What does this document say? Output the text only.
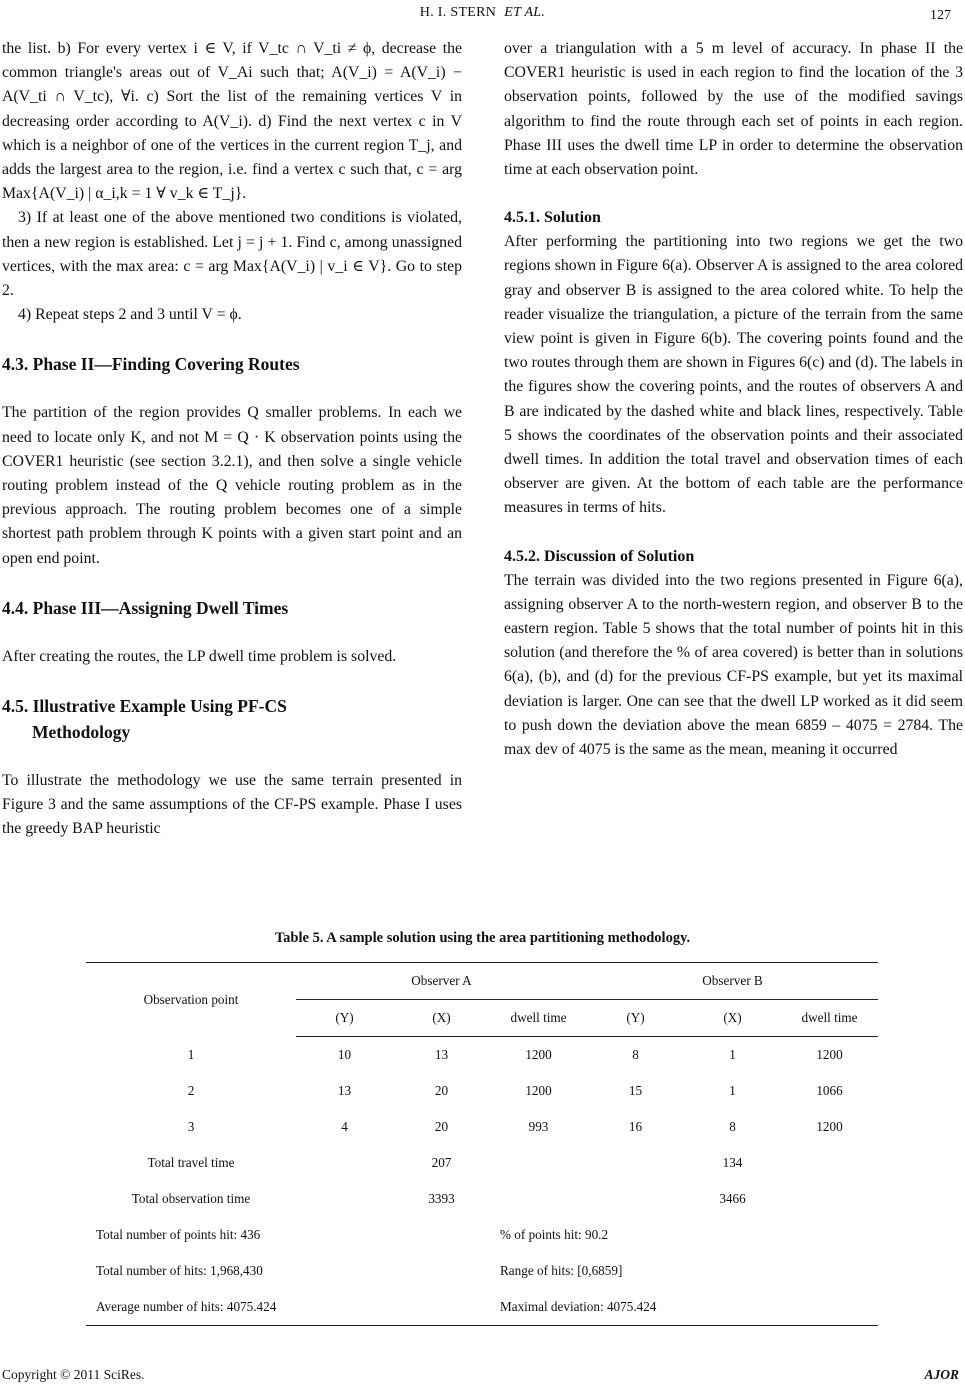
H. I. STERN ET AL.	127

the list. b) For every vertex i ∈ V, if V_tc ∩ V_ti ≠ ϕ, decrease the common triangle's areas out of V_Ai such that; A(V_i) = A(V_i) − A(V_ti ∩ V_tc), ∀i. c) Sort the list of the remaining vertices V in decreasing order according to A(V_i). d) Find the next vertex c in V which is a neighbor of one of the vertices in the current region T_j, and adds the largest area to the region, i.e. find a vertex c such that, c = arg Max{A(V_i) | α_i,k = 1 ∀ v_k ∈ T_j}.

3) If at least one of the above mentioned two conditions is violated, then a new region is established. Let j = j + 1. Find c, among unassigned vertices, with the max area: c = arg Max{A(V_i) | v_i ∈ V}. Go to step 2.

4) Repeat steps 2 and 3 until V = ϕ.

4.3. Phase II—Finding Covering Routes

The partition of the region provides Q smaller problems. In each we need to locate only K, and not M = Q · K observation points using the COVER1 heuristic (see section 3.2.1), and then solve a single vehicle routing problem instead of the Q vehicle routing problem as in the previous approach. The routing problem becomes one of a simple shortest path problem through K points with a given start point and an open end point.

4.4. Phase III—Assigning Dwell Times

After creating the routes, the LP dwell time problem is solved.

4.5. Illustrative Example Using PF-CS

Methodology

To illustrate the methodology we use the same terrain presented in Figure 3 and the same assumptions of the CF-PS example. Phase I uses the greedy BAP heuristic

over a triangulation with a 5 m level of accuracy. In phase II the COVER1 heuristic is used in each region to find the location of the 3 observation points, followed by the use of the modified savings algorithm to find the route through each set of points in each region. Phase III uses the dwell time LP in order to determine the observation time at each observation point.

4.5.1. Solution

After performing the partitioning into two regions we get the two regions shown in Figure 6(a). Observer A is assigned to the area colored gray and observer B is assigned to the area colored white. To help the reader visualize the triangulation, a picture of the terrain from the same view point is given in Figure 6(b). The covering points found and the two routes through them are shown in Figures 6(c) and (d). The labels in the figures show the covering points, and the routes of observers A and B are indicated by the dashed white and black lines, respectively. Table 5 shows the coordinates of the observation points and their associated dwell times. In addition the total travel and observation times of each observer are given. At the bottom of each table are the performance measures in terms of hits.

4.5.2. Discussion of Solution

The terrain was divided into the two regions presented in Figure 6(a), assigning observer A to the north-western region, and observer B to the eastern region. Table 5 shows that the total number of points hit in this solution (and therefore the % of area covered) is better than in solutions 6(a), (b), and (d) for the previous CF-PS example, but yet its maximal deviation is larger. One can see that the dwell LP worked as it did seem to push down the deviation above the mean 6859 – 4075 = 2784. The max dev of 4075 is the same as the mean, meaning it occurred

Table 5. A sample solution using the area partitioning methodology.
Observation point	Observer A			Observer B		
	(Y)	(X)	dwell time	(Y)	(X)	dwell time
1	10	13	1200	8	1	1200
2	13	20	1200	15	1	1066
3	4	20	993	16	8	1200
Total travel time	207			134		
Total observation time	3393			3466		
Total number of points hit: 436			% of points hit: 90.2			
Total number of hits: 1,968,430			Range of hits: [0,6859]			
Average number of hits: 4075.424			Maximal deviation: 4075.424			
Copyright © 2011 SciRes.	AJOR
